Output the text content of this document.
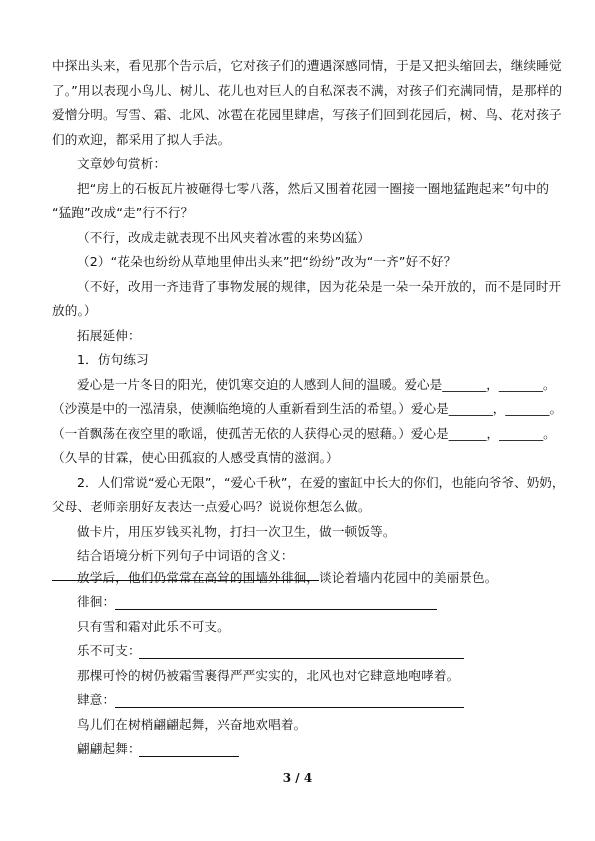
中探出头来，看见那个告示后，它对孩子们的遭遇深感同情，于是又把头缩回去，继续睡觉
了。”用以表现小鸟儿、树儿、花儿也对巨人的自私深表不满，对孩子们充满同情，是那样的
爱憎分明。写雪、霜、北风、冰雹在花园里肆虐，写孩子们回到花园后，树、鸟、花对孩子
们的欢迎，都采用了拟人手法。
文章妙句赏析：
把“房上的石板瓦片被砸得七零八落，然后又围着花园一圈接一圈地猛跑起来”句中的
“猛跑”改成“走”行不行？
（不行，改成走就表现不出风夹着冰雹的来势凶猛）
（2）“花朵也纷纷从草地里伸出头来”把“纷纷”改为“一齐”好不好？
（不好，改用一齐违背了事物发展的规律，因为花朵是一朵一朵开放的，而不是同时开
放的。）
拓展延伸：
1．仿句练习
爱心是一片冬日的阳光，使饥寒交迫的人感到人间的温暖。爱心是_______，_______。
（沙漠是中的一泓清泉，使濒临绝境的人重新看到生活的希望。）爱心是_______，_______。
（一首飘荡在夜空里的歌谣，使孤苦无依的人获得心灵的慰藉。）爱心是______，_______。
（久旱的甘霖，使心田孤寂的人感受真情的滋润。）
2．人们常说“爱心无限”，“爱心千秋”，在爱的蜜缸中长大的你们，也能向爷爷、奶奶，
父母、老师亲朋好友表达一点爱心吗？说说你想怎么做。
做卡片，用压岁钱买礼物，打扫一次卫生，做一顿饭等。
结合语境分析下列句子中词语的含义：
放学后，他们仍常常在高耸的围墙外徘徊，谈论着墙内花园中的美丽景色。
徘徊：
只有雪和霜对此乐不可支。
乐不可支：
那棵可怜的树仍被霜雪裹得严严实实的，北风也对它肆意地咆哮着。
肆意：
鸟儿们在树梢翩翩起舞，兴奋地欢唱着。
翩翩起舞：
3 / 4
